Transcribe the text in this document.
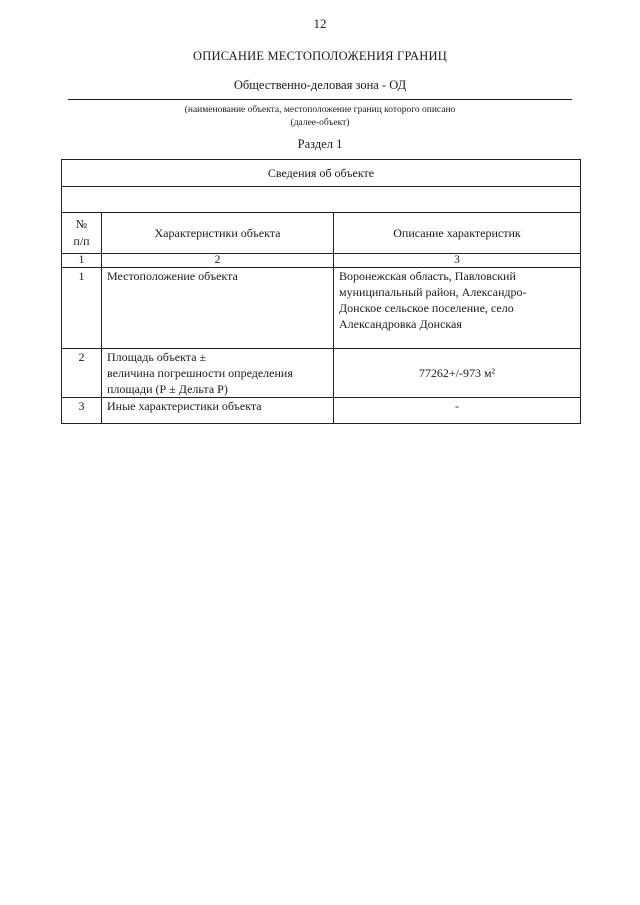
12
ОПИСАНИЕ МЕСТОПОЛОЖЕНИЯ ГРАНИЦ
Общественно-деловая зона - ОД
(наименование объекта, местоположение границ которого описано
(далее-объект)
Раздел 1
Сведения об объекте		

№
п/п	Характеристики объекта	Описание характеристик
1	2	3
1	Местоположение объекта	Воронежская область, Павловский
муниципальный район, Александро-
Донское сельское поселение, село
Александровка Донская
2	Площадь объекта ±
величина погрешности определения
площади (Р ± Дельта Р)	77262+/-973 м²
3	Иные характеристики объекта	-
